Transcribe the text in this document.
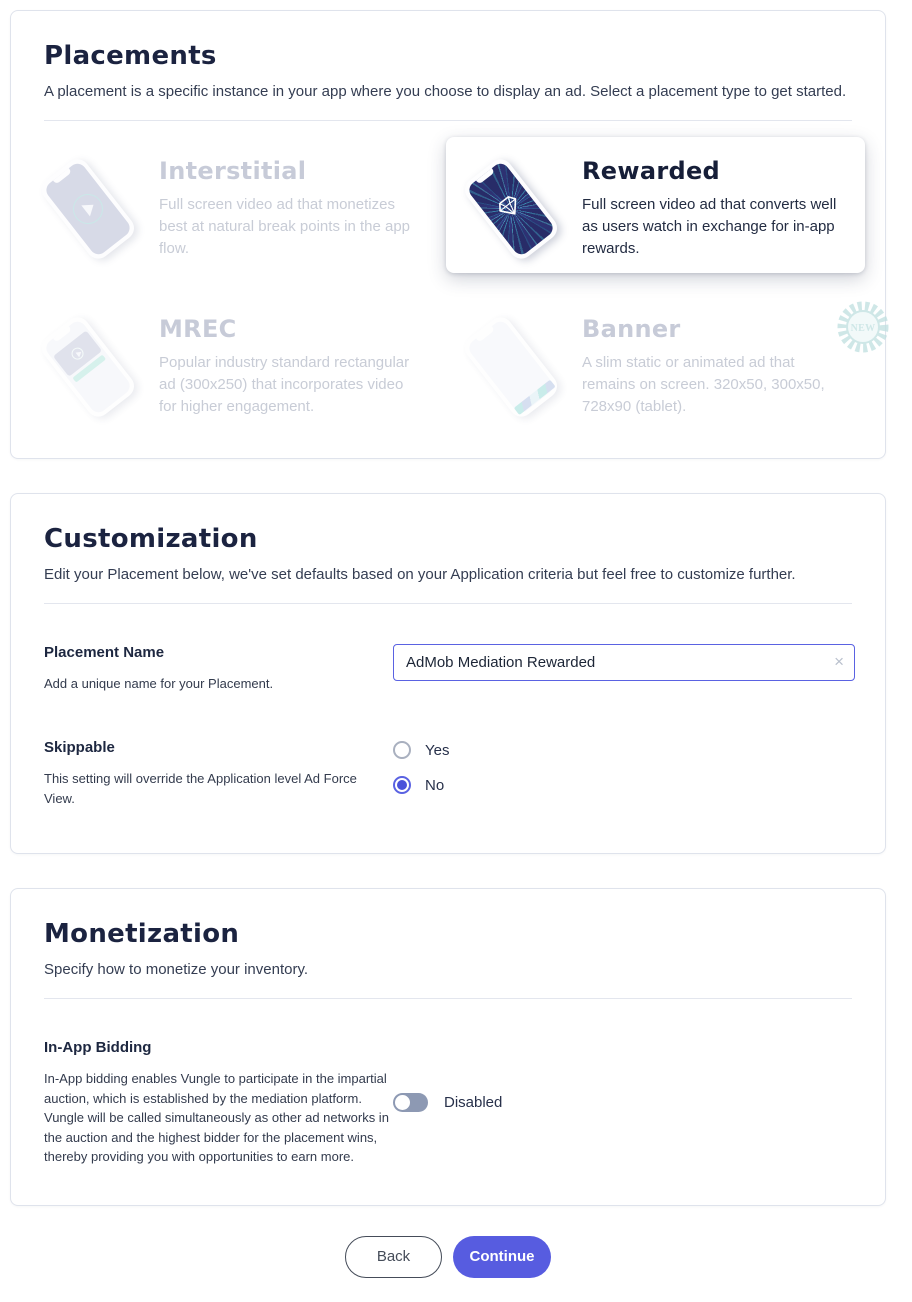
Placements

A placement is a specific instance in your app where you choose to display an ad. Select a placement type to get started.

Interstitial
Full screen video ad that monetizes best at natural break points in the app flow.
Rewarded
Full screen video ad that converts well as users watch in exchange for in-app rewards.
MREC
Popular industry standard rectangular ad (300x250) that incorporates video for higher engagement.
Banner	NEW
A slim static or animated ad that remains on screen. 320x50, 300x50, 728x90 (tablet).
Customization

Edit your Placement below, we've set defaults based on your Application criteria but feel free to customize further.

Placement Name
Add a unique name for your Placement.
AdMob Mediation Rewarded
×
Skippable
This setting will override the Application level Ad Force View.
Yes
No
Monetization

Specify how to monetize your inventory.

In-App Bidding
In-App bidding enables Vungle to participate in the impartial auction, which is established by the mediation platform. Vungle will be called simultaneously as other ad networks in the auction and the highest bidder for the placement wins, thereby providing you with opportunities to earn more.
Disabled
Back	Continue
